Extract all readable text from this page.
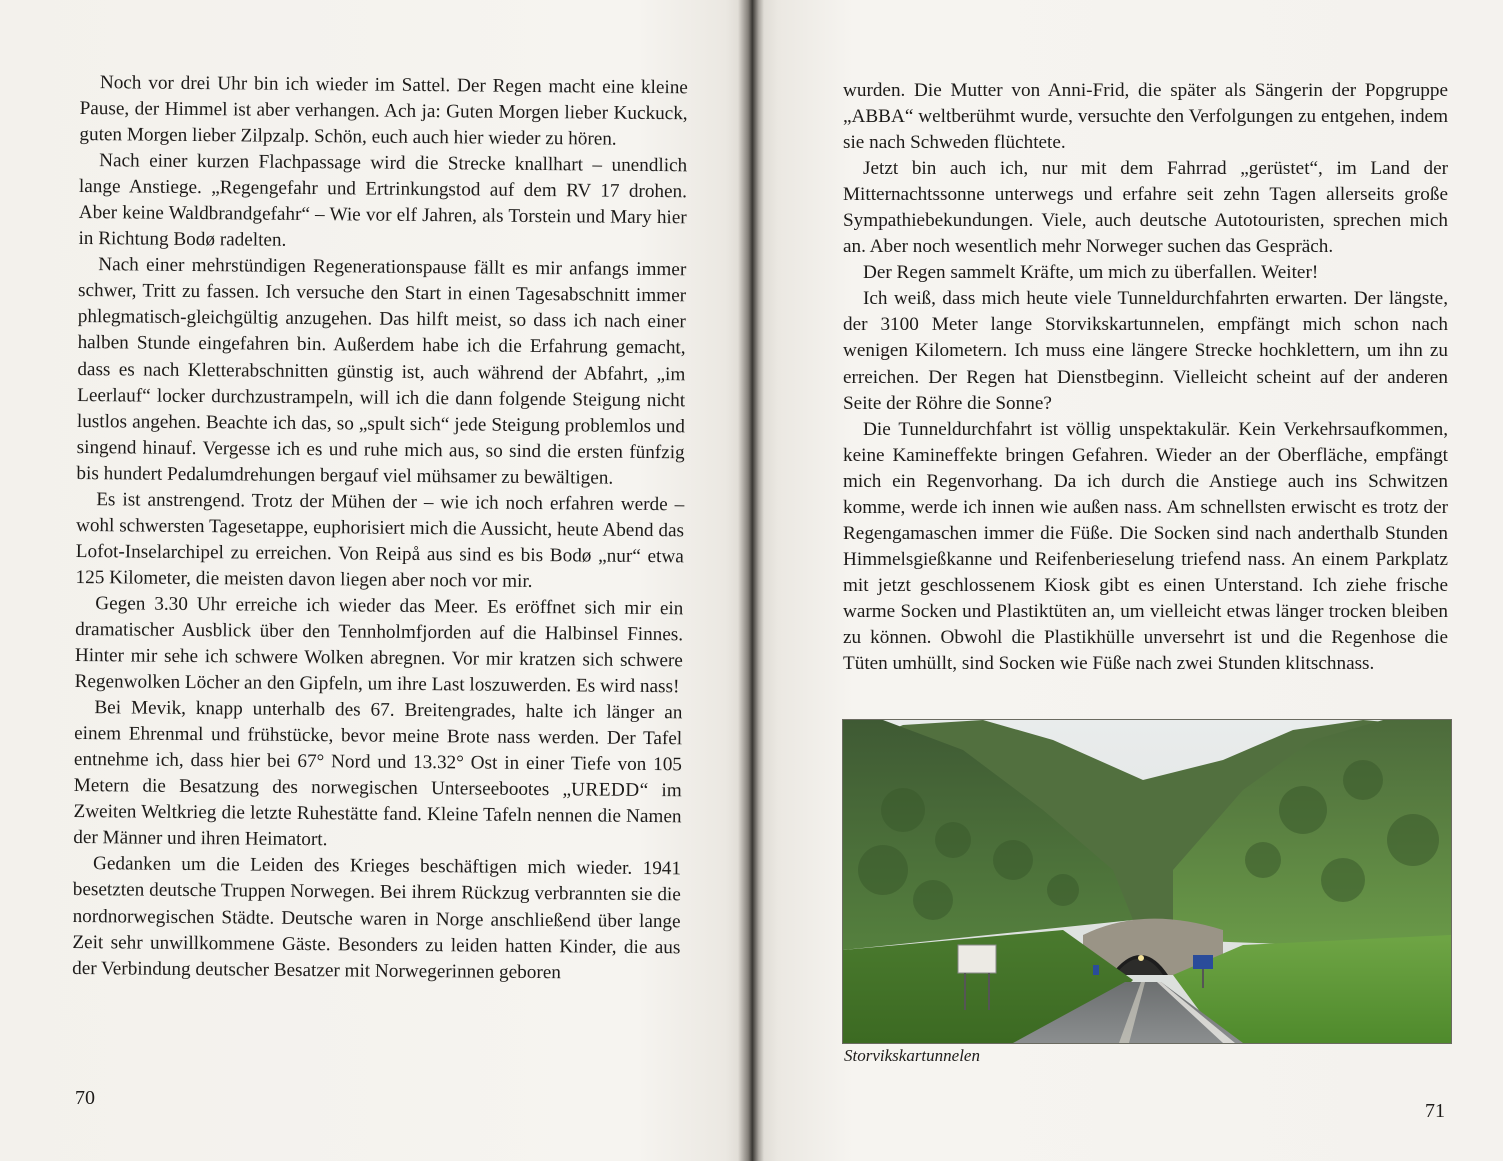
Noch vor drei Uhr bin ich wieder im Sattel. Der Regen macht eine kleine Pause, der Himmel ist aber verhangen. Ach ja: Guten Morgen lieber Kuckuck, guten Morgen lieber Zilpzalp. Schön, euch auch hier wieder zu hören.

Nach einer kurzen Flachpassage wird die Strecke knallhart – unendlich lange Anstiege. „Regengefahr und Ertrinkungstod auf dem RV 17 drohen. Aber keine Waldbrandgefahr“ – Wie vor elf Jahren, als Torstein und Mary hier in Richtung Bodø radelten.

Nach einer mehrstündigen Regenerationspause fällt es mir anfangs immer schwer, Tritt zu fassen. Ich versuche den Start in einen Tagesabschnitt immer phlegmatisch-gleichgültig anzugehen. Das hilft meist, so dass ich nach einer halben Stunde eingefahren bin. Außerdem habe ich die Erfahrung gemacht, dass es nach Kletterabschnitten günstig ist, auch während der Abfahrt, „im Leerlauf“ locker durchzustrampeln, will ich die dann folgende Steigung nicht lustlos angehen. Beachte ich das, so „spult sich“ jede Steigung problemlos und singend hinauf. Vergesse ich es und ruhe mich aus, so sind die ersten fünfzig bis hundert Pedalumdrehungen bergauf viel mühsamer zu bewältigen.

Es ist anstrengend. Trotz der Mühen der – wie ich noch erfahren werde – wohl schwersten Tagesetappe, euphorisiert mich die Aussicht, heute Abend das Lofot-Inselarchipel zu erreichen. Von Reipå aus sind es bis Bodø „nur“ etwa 125 Kilometer, die meisten davon liegen aber noch vor mir.

Gegen 3.30 Uhr erreiche ich wieder das Meer. Es eröffnet sich mir ein dramatischer Ausblick über den Tennholmfjorden auf die Halbinsel Finnes. Hinter mir sehe ich schwere Wolken abregnen. Vor mir kratzen sich schwere Regenwolken Löcher an den Gipfeln, um ihre Last loszuwerden. Es wird nass!

Bei Mevik, knapp unterhalb des 67. Breitengrades, halte ich länger an einem Ehrenmal und frühstücke, bevor meine Brote nass werden. Der Tafel entnehme ich, dass hier bei 67° Nord und 13.32° Ost in einer Tiefe von 105 Metern die Besatzung des norwegischen Unterseebootes „UREDD“ im Zweiten Weltkrieg die letzte Ruhestätte fand. Kleine Tafeln nennen die Namen der Männer und ihren Heimatort.

Gedanken um die Leiden des Krieges beschäftigen mich wieder. 1941 besetzten deutsche Truppen Norwegen. Bei ihrem Rückzug verbrannten sie die nordnorwegischen Städte. Deutsche waren in Norge anschließend über lange Zeit sehr unwillkommene Gäste. Besonders zu leiden hatten Kinder, die aus der Verbindung deutscher Besatzer mit Norwegerinnen geboren

70

wurden. Die Mutter von Anni-Frid, die später als Sängerin der Popgruppe „ABBA“ weltberühmt wurde, versuchte den Verfolgungen zu entgehen, indem sie nach Schweden flüchtete.

Jetzt bin auch ich, nur mit dem Fahrrad „gerüstet“, im Land der Mitternachtssonne unterwegs und erfahre seit zehn Tagen allerseits große Sympathiebekundungen. Viele, auch deutsche Autotouristen, sprechen mich an. Aber noch wesentlich mehr Norweger suchen das Gespräch.

Der Regen sammelt Kräfte, um mich zu überfallen. Weiter!

Ich weiß, dass mich heute viele Tunneldurchfahrten erwarten. Der längste, der 3100 Meter lange Storvikskartunnelen, empfängt mich schon nach wenigen Kilometern. Ich muss eine längere Strecke hochklettern, um ihn zu erreichen. Der Regen hat Dienstbeginn. Vielleicht scheint auf der anderen Seite der Röhre die Sonne?

Die Tunneldurchfahrt ist völlig unspektakulär. Kein Verkehrsaufkommen, keine Kamineffekte bringen Gefahren. Wieder an der Oberfläche, empfängt mich ein Regenvorhang. Da ich durch die Anstiege auch ins Schwitzen komme, werde ich innen wie außen nass. Am schnellsten erwischt es trotz der Regengamaschen immer die Füße. Die Socken sind nach anderthalb Stunden Himmelsgießkanne und Reifenberieselung triefend nass. An einem Parkplatz mit jetzt geschlossenem Kiosk gibt es einen Unterstand. Ich ziehe frische warme Socken und Plastiktüten an, um vielleicht etwas länger trocken bleiben zu können. Obwohl die Plastikhülle unversehrt ist und die Regenhose die Tüten umhüllt, sind Socken wie Füße nach zwei Stunden klitschnass.

Storvikskartunnelen
71
